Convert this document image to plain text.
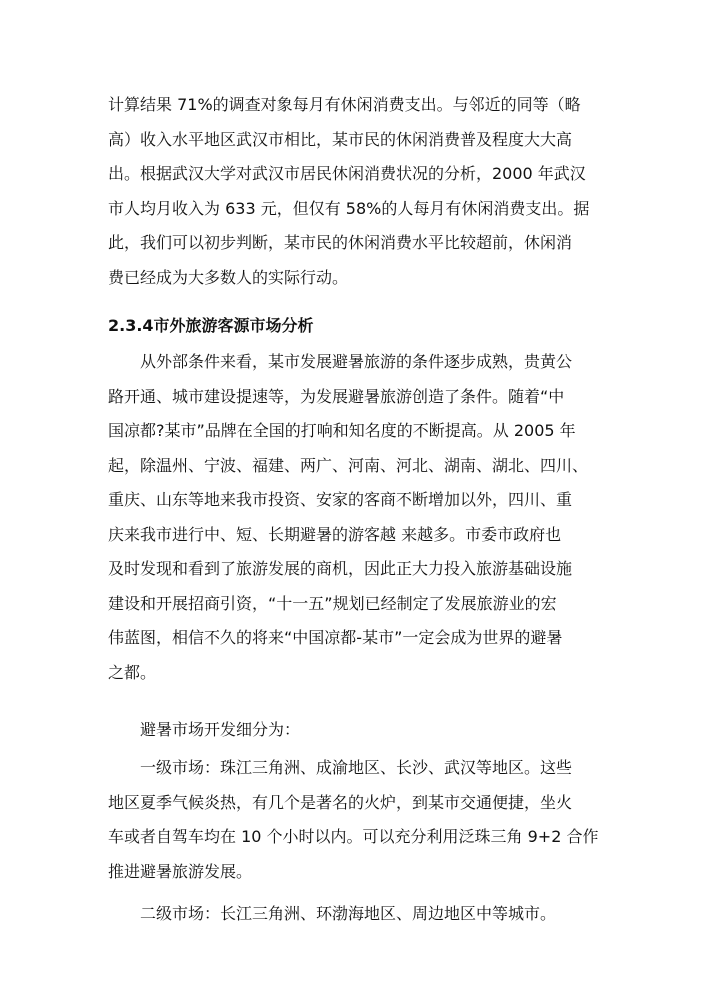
计算结果 71%的调查对象每月有休闲消费支出。与邻近的同等（略
高）收入水平地区武汉市相比，某市民的休闲消费普及程度大大高
出。根据武汉大学对武汉市居民休闲消费状况的分析，2000 年武汉
市人均月收入为 633 元，但仅有 58%的人每月有休闲消费支出。据
此，我们可以初步判断，某市民的休闲消费水平比较超前，休闲消
费已经成为大多数人的实际行动。
2.3.4市外旅游客源市场分析
从外部条件来看，某市发展避暑旅游的条件逐步成熟，贵黄公
路开通、城市建设提速等，为发展避暑旅游创造了条件。随着“中
国凉都?某市”品牌在全国的打响和知名度的不断提高。从 2005 年
起，除温州、宁波、福建、两广、河南、河北、湖南、湖北、四川、
重庆、山东等地来我市投资、安家的客商不断增加以外，四川、重
庆来我市进行中、短、长期避暑的游客越 来越多。市委市政府也
及时发现和看到了旅游发展的商机，因此正大力投入旅游基础设施
建设和开展招商引资，“十一五”规划已经制定了发展旅游业的宏
伟蓝图，相信不久的将来“中国凉都-某市”一定会成为世界的避暑
之都。
避暑市场开发细分为：
一级市场：珠江三角洲、成渝地区、长沙、武汉等地区。这些
地区夏季气候炎热，有几个是著名的火炉，到某市交通便捷，坐火
车或者自驾车均在 10 个小时以内。可以充分利用泛珠三角 9+2 合作
推进避暑旅游发展。
二级市场：长江三角洲、环渤海地区、周边地区中等城市。
